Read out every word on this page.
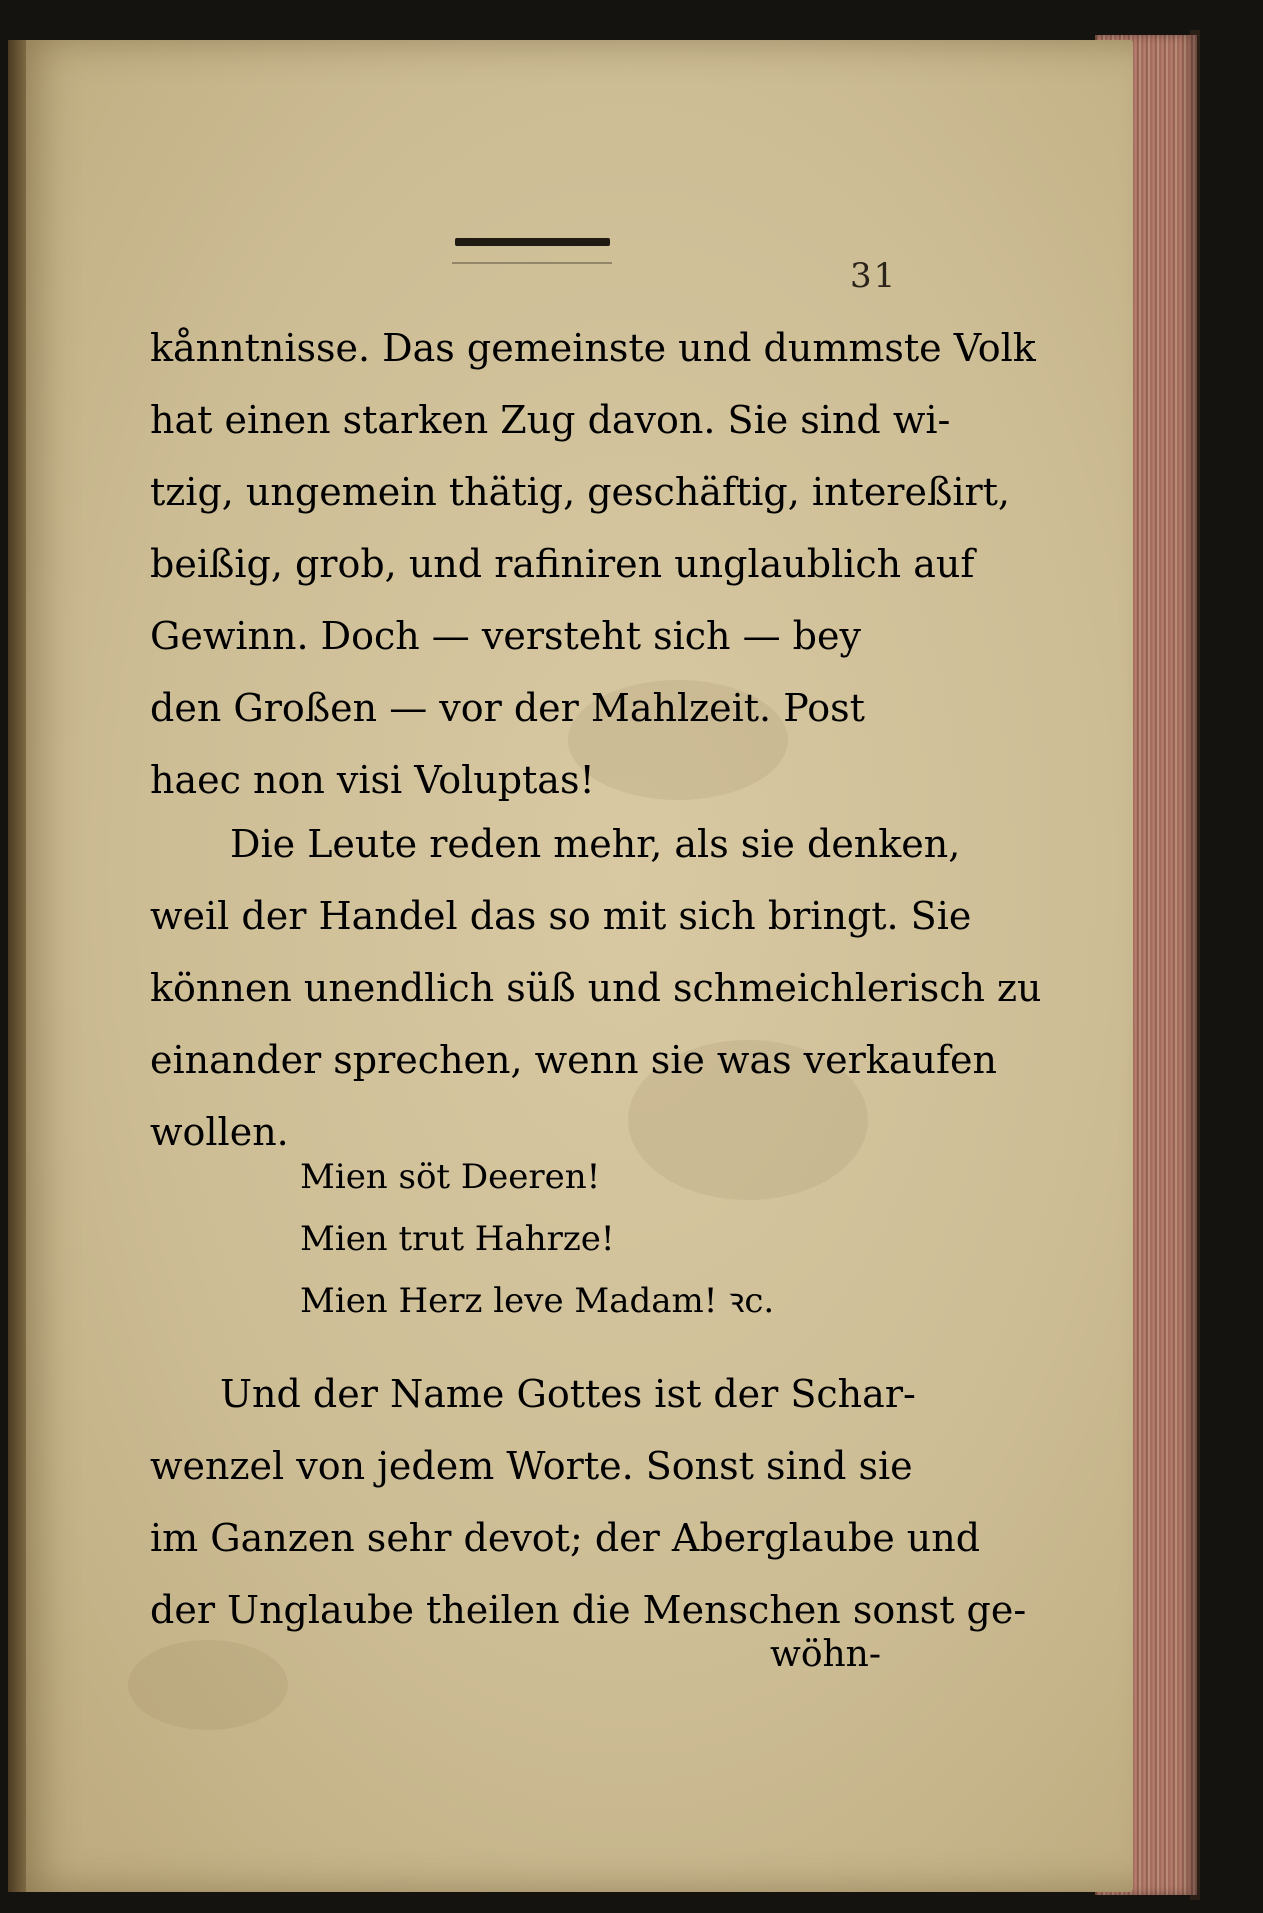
31
kånntnisse. Das gemeinste und dummste Volk
hat einen starken Zug davon. Sie sind wi-
tzig, ungemein thätig, geschäftig, intereßirt,
beißig, grob, und rafiniren unglaublich auf
Gewinn. Doch — versteht sich — bey
den Großen — vor der Mahlzeit. Post
haec non visi Voluptas!
Die Leute reden mehr, als sie denken,
weil der Handel das so mit sich bringt. Sie
können unendlich süß und schmeichlerisch zu
einander sprechen, wenn sie was verkaufen
wollen.
Mien söt Deeren!
Mien trut Hahrze!
Mien Herz leve Madam! ꝛc.
Und der Name Gottes ist der Schar-
wenzel von jedem Worte. Sonst sind sie
im Ganzen sehr devot; der Aberglaube und
der Unglaube theilen die Menschen sonst ge-
wöhn-
